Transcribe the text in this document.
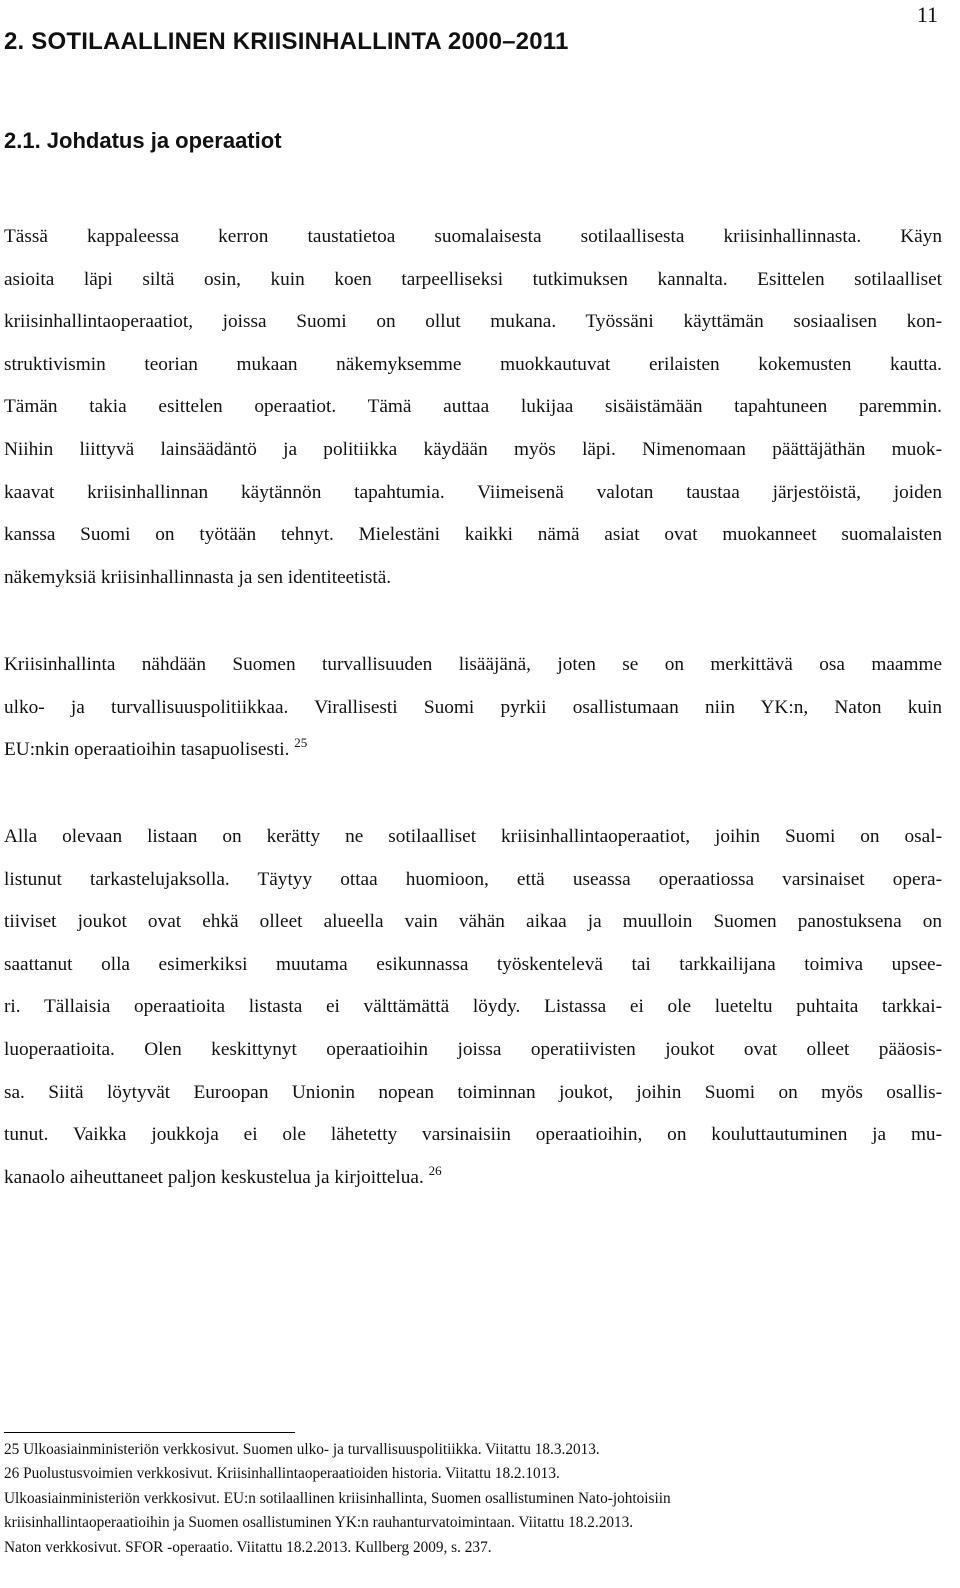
11
2. SOTILAALLINEN KRIISINHALLINTA 2000–2011
2.1. Johdatus ja operaatiot
Tässä kappaleessa kerron taustatietoa suomalaisesta sotilaallisesta kriisinhallinnasta. Käyn
asioita läpi siltä osin, kuin koen tarpeelliseksi tutkimuksen kannalta. Esittelen sotilaalliset
kriisinhallintaoperaatiot, joissa Suomi on ollut mukana. Työssäni käyttämän sosiaalisen kon-
struktivismin teorian mukaan näkemyksemme muokkautuvat erilaisten kokemusten kautta.
Tämän takia esittelen operaatiot. Tämä auttaa lukijaa sisäistämään tapahtuneen paremmin.
Niihin liittyvä lainsäädäntö ja politiikka käydään myös läpi. Nimenomaan päättäjäthän muok-
kaavat kriisinhallinnan käytännön tapahtumia. Viimeisenä valotan taustaa järjestöistä, joiden
kanssa Suomi on työtään tehnyt. Mielestäni kaikki nämä asiat ovat muokanneet suomalaisten
näkemyksiä kriisinhallinnasta ja sen identiteetistä.
Kriisinhallinta nähdään Suomen turvallisuuden lisääjänä, joten se on merkittävä osa maamme
ulko- ja turvallisuuspolitiikkaa. Virallisesti Suomi pyrkii osallistumaan niin YK:n, Naton kuin
EU:nkin operaatioihin tasapuolisesti. $^{25}$
Alla olevaan listaan on kerätty ne sotilaalliset kriisinhallintaoperaatiot, joihin Suomi on osal-
listunut tarkastelujaksolla. Täytyy ottaa huomioon, että useassa operaatiossa varsinaiset opera-
tiiviset joukot ovat ehkä olleet alueella vain vähän aikaa ja muulloin Suomen panostuksena on
saattanut olla esimerkiksi muutama esikunnassa työskentelevä tai tarkkailijana toimiva upsee-
ri. Tällaisia operaatioita listasta ei välttämättä löydy. Listassa ei ole lueteltu puhtaita tarkkai-
luoperaatioita. Olen keskittynyt operaatioihin joissa operatiivisten joukot ovat olleet pääosis-
sa. Siitä löytyvät Euroopan Unionin nopean toiminnan joukot, joihin Suomi on myös osallis-
tunut. Vaikka joukkoja ei ole lähetetty varsinaisiin operaatioihin, on kouluttautuminen ja mu-
kanaolo aiheuttaneet paljon keskustelua ja kirjoittelua. $^{26}$
25 Ulkoasiainministeriön verkkosivut. Suomen ulko- ja turvallisuuspolitiikka. Viitattu 18.3.2013.
26 Puolustusvoimien verkkosivut. Kriisinhallintaoperaatioiden historia. Viitattu 18.2.1013.
Ulkoasiainministeriön verkkosivut. EU:n sotilaallinen kriisinhallinta, Suomen osallistuminen Nato-johtoisiin
kriisinhallintaoperaatioihin ja Suomen osallistuminen YK:n rauhanturvatoimintaan. Viitattu 18.2.2013.
Naton verkkosivut. SFOR -operaatio. Viitattu 18.2.2013. Kullberg 2009, s. 237.
